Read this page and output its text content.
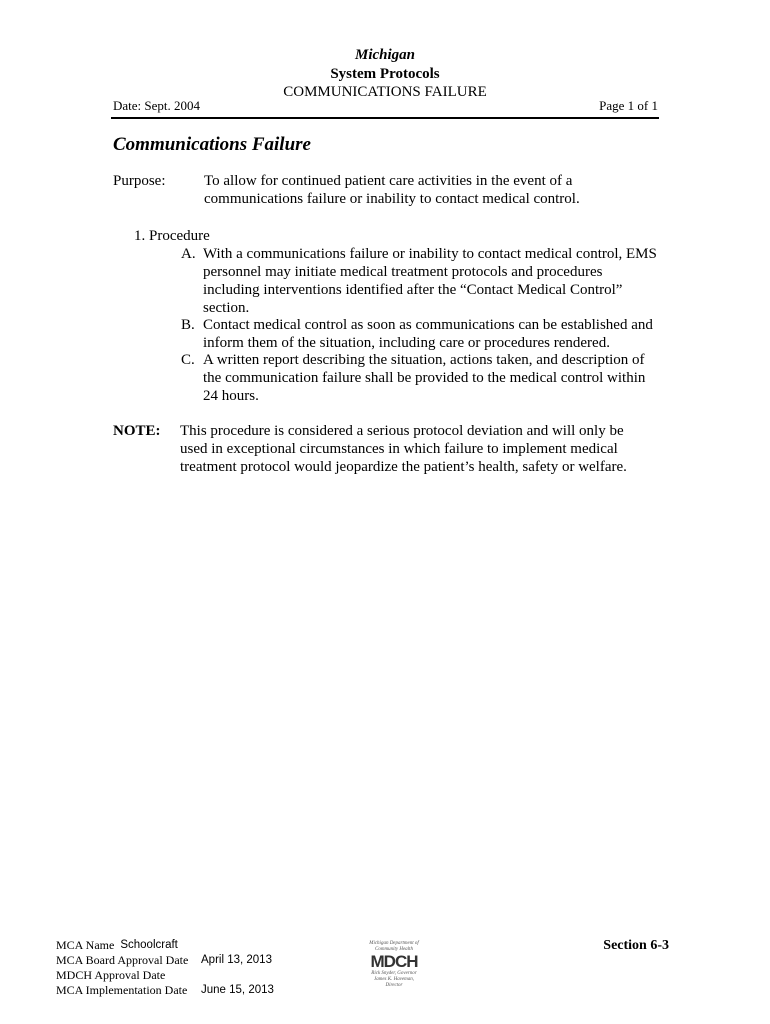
Michigan
System Protocols
COMMUNICATIONS FAILURE
Date: Sept. 2004	Page 1 of 1
Communications Failure
Purpose:	To allow for continued patient care activities in the event of a communications failure or inability to contact medical control.
1. Procedure
A. With a communications failure or inability to contact medical control, EMS personnel may initiate medical treatment protocols and procedures including interventions identified after the “Contact Medical Control” section.
B. Contact medical control as soon as communications can be established and inform them of the situation, including care or procedures rendered.
C. A written report describing the situation, actions taken, and description of the communication failure shall be provided to the medical control within 24 hours.
NOTE: This procedure is considered a serious protocol deviation and will only be used in exceptional circumstances in which failure to implement medical treatment protocol would jeopardize the patient’s health, safety or welfare.
MCA Name Schoolcraft
MCA Board Approval Date	April 13, 2013
MDCH Approval Date
MCA Implementation Date	June 15, 2013
Michigan Department of Community Health
MDCH
Rick Snyder, Governor James K. Haveman, Director
Section 6-3
